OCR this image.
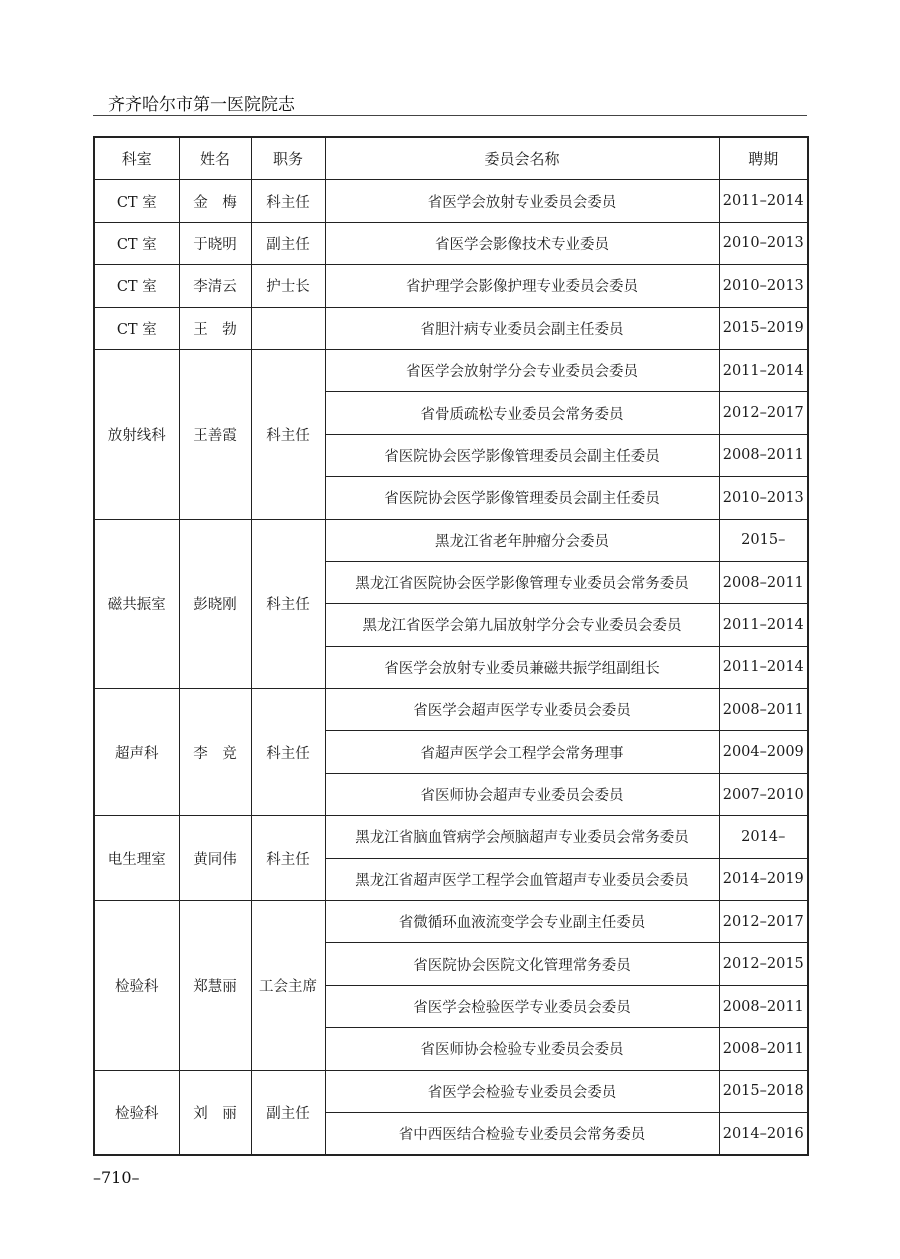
齐齐哈尔市第一医院院志
科室	姓名	职务	委员会名称	聘期
CT 室	金　梅	科主任	省医学会放射专业委员会委员	2011–2014
CT 室	于晓明	副主任	省医学会影像技术专业委员	2010–2013
CT 室	李清云	护士长	省护理学会影像护理专业委员会委员	2010–2013
CT 室	王　勃		省胆汁病专业委员会副主任委员	2015–2019
放射线科	王善霞	科主任	省医学会放射学分会专业委员会委员	2011–2014
			省骨质疏松专业委员会常务委员	2012–2017
			省医院协会医学影像管理委员会副主任委员	2008–2011
			省医院协会医学影像管理委员会副主任委员	2010–2013
磁共振室	彭晓刚	科主任	黑龙江省老年肿瘤分会委员	2015–
			黑龙江省医院协会医学影像管理专业委员会常务委员	2008–2011
			黑龙江省医学会第九届放射学分会专业委员会委员	2011–2014
			省医学会放射专业委员兼磁共振学组副组长	2011–2014
超声科	李　竞	科主任	省医学会超声医学专业委员会委员	2008–2011
			省超声医学会工程学会常务理事	2004–2009
			省医师协会超声专业委员会委员	2007–2010
电生理室	黄同伟	科主任	黑龙江省脑血管病学会颅脑超声专业委员会常务委员	2014–
			黑龙江省超声医学工程学会血管超声专业委员会委员	2014–2019
检验科	郑慧丽	工会主席	省微循环血液流变学会专业副主任委员	2012–2017
			省医院协会医院文化管理常务委员	2012–2015
			省医学会检验医学专业委员会委员	2008–2011
			省医师协会检验专业委员会委员	2008–2011
检验科	刘　丽	副主任	省医学会检验专业委员会委员	2015–2018
			省中西医结合检验专业委员会常务委员	2014–2016
–710–
